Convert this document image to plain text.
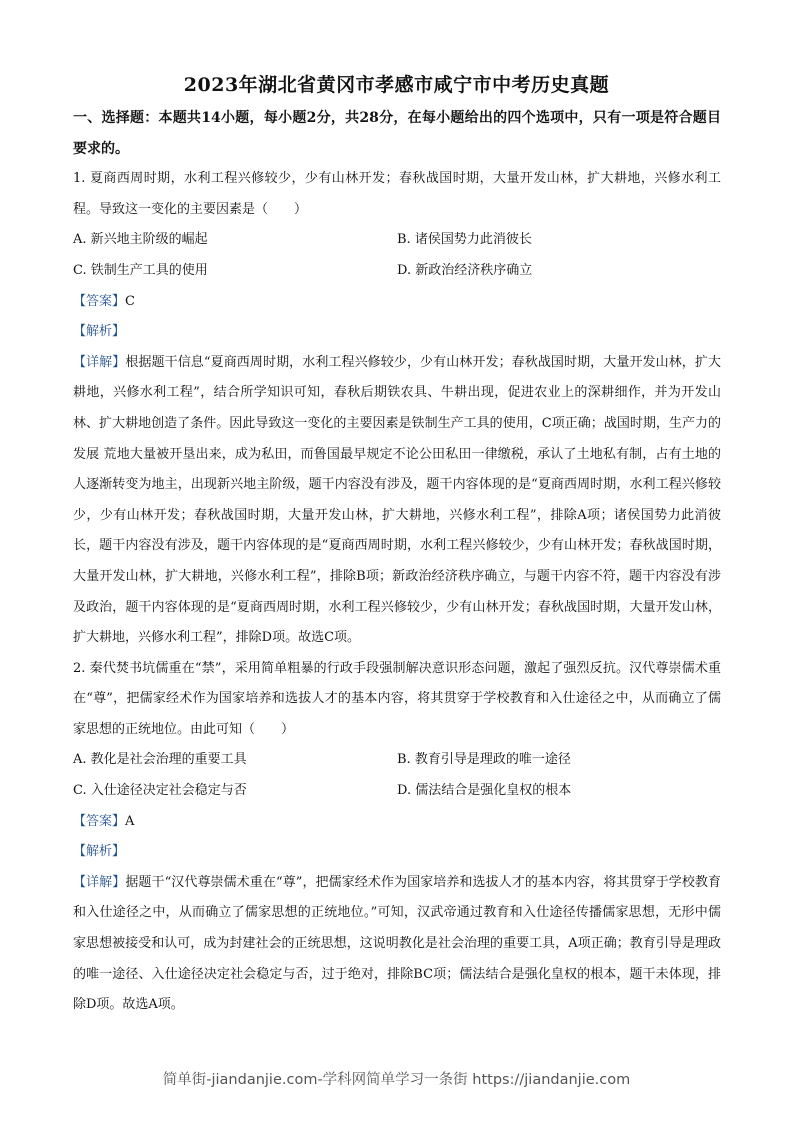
2023年湖北省黄冈市孝感市咸宁市中考历史真题

一、选择题：本题共14小题，每小题2分，共28分，在每小题给出的四个选项中，只有一项是符合题目要求的。

1. 夏商西周时期，水利工程兴修较少，少有山林开发；春秋战国时期，大量开发山林，扩大耕地，兴修水利工程。导致这一变化的主要因素是（　　）

A. 新兴地主阶级的崛起	B. 诸侯国势力此消彼长
C. 铁制生产工具的使用	D. 新政治经济秩序确立

【答案】C

【解析】

【详解】根据题干信息“夏商西周时期，水利工程兴修较少，少有山林开发；春秋战国时期，大量开发山林，扩大耕地，兴修水利工程”，结合所学知识可知，春秋后期铁农具、牛耕出现，促进农业上的深耕细作，并为开发山林、扩大耕地创造了条件。因此导致这一变化的主要因素是铁制生产工具的使用，C项正确；战国时期，生产力的发展 荒地大量被开垦出来，成为私田，而鲁国最早规定不论公田私田一律缴税，承认了土地私有制，占有土地的人逐渐转变为地主，出现新兴地主阶级，题干内容没有涉及，题干内容体现的是“夏商西周时期，水利工程兴修较少，少有山林开发；春秋战国时期，大量开发山林，扩大耕地，兴修水利工程”，排除A项；诸侯国势力此消彼长，题干内容没有涉及，题干内容体现的是“夏商西周时期，水利工程兴修较少，少有山林开发；春秋战国时期，大量开发山林，扩大耕地，兴修水利工程”，排除B项；新政治经济秩序确立，与题干内容不符，题干内容没有涉及政治，题干内容体现的是“夏商西周时期，水利工程兴修较少，少有山林开发；春秋战国时期，大量开发山林，扩大耕地，兴修水利工程”，排除D项。故选C项。

2. 秦代焚书坑儒重在“禁”，采用简单粗暴的行政手段强制解决意识形态问题，激起了强烈反抗。汉代尊崇儒术重在“尊”，把儒家经术作为国家培养和选拔人才的基本内容，将其贯穿于学校教育和入仕途径之中，从而确立了儒家思想的正统地位。由此可知（　　）

A. 教化是社会治理的重要工具	B. 教育引导是理政的唯一途径
C. 入仕途径决定社会稳定与否	D. 儒法结合是强化皇权的根本

【答案】A

【解析】

【详解】据题干“汉代尊崇儒术重在“尊”，把儒家经术作为国家培养和选拔人才的基本内容，将其贯穿于学校教育和入仕途径之中，从而确立了儒家思想的正统地位。”可知，汉武帝通过教育和入仕途径传播儒家思想，无形中儒家思想被接受和认可，成为封建社会的正统思想，这说明教化是社会治理的重要工具，A项正确；教育引导是理政的唯一途径、入仕途径决定社会稳定与否，过于绝对，排除BC项；儒法结合是强化皇权的根本，题干未体现，排除D项。故选A项。

简单街-jiandanjie.com-学科网简单学习一条街 https://jiandanjie.com
